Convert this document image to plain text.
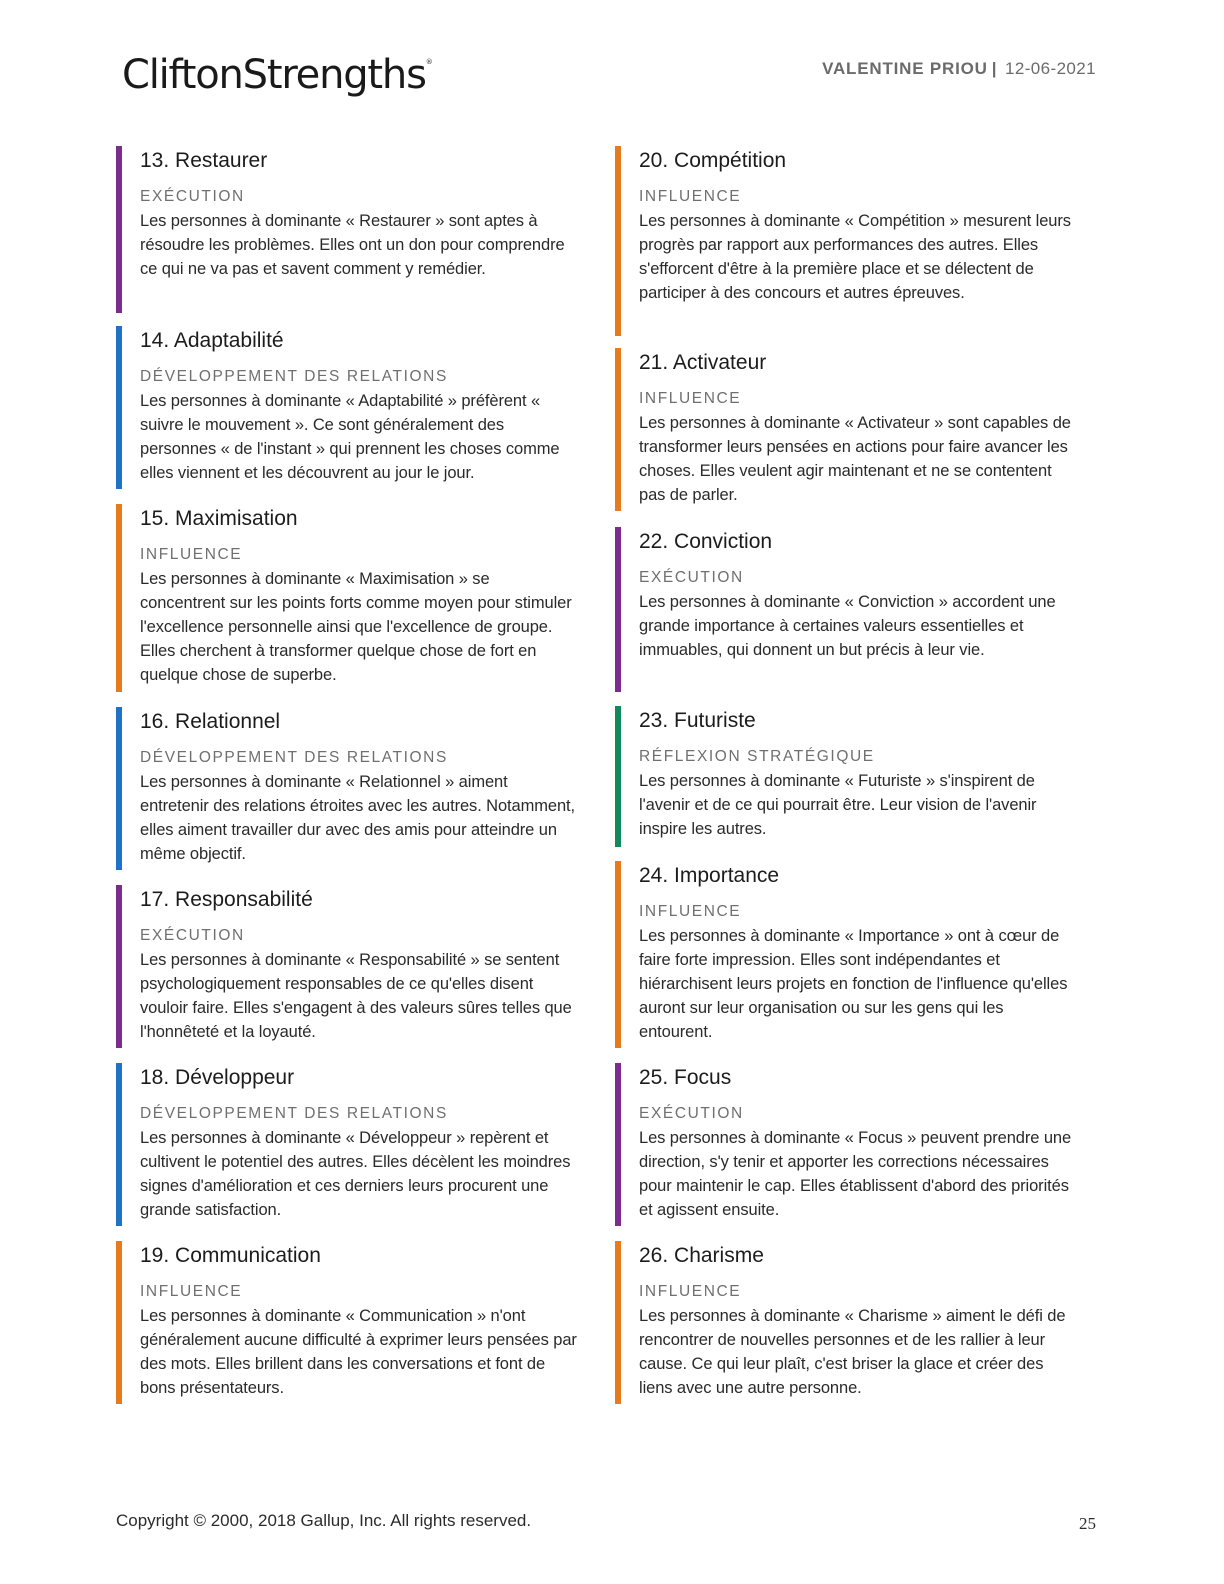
CliftonStrengths®	VALENTINE PRIOU | 12-06-2021
13. Restaurer
EXÉCUTION
Les personnes à dominante « Restaurer » sont aptes à résoudre les problèmes. Elles ont un don pour comprendre ce qui ne va pas et savent comment y remédier.
14. Adaptabilité
DÉVELOPPEMENT DES RELATIONS
Les personnes à dominante « Adaptabilité » préfèrent « suivre le mouvement ». Ce sont généralement des personnes « de l'instant » qui prennent les choses comme elles viennent et les découvrent au jour le jour.
15. Maximisation
INFLUENCE
Les personnes à dominante « Maximisation » se concentrent sur les points forts comme moyen pour stimuler l'excellence personnelle ainsi que l'excellence de groupe. Elles cherchent à transformer quelque chose de fort en quelque chose de superbe.
16. Relationnel
DÉVELOPPEMENT DES RELATIONS
Les personnes à dominante « Relationnel » aiment entretenir des relations étroites avec les autres. Notamment, elles aiment travailler dur avec des amis pour atteindre un même objectif.
17. Responsabilité
EXÉCUTION
Les personnes à dominante « Responsabilité » se sentent psychologiquement responsables de ce qu'elles disent vouloir faire. Elles s'engagent à des valeurs sûres telles que l'honnêteté et la loyauté.
18. Développeur
DÉVELOPPEMENT DES RELATIONS
Les personnes à dominante « Développeur » repèrent et cultivent le potentiel des autres. Elles décèlent les moindres signes d'amélioration et ces derniers leurs procurent une grande satisfaction.
19. Communication
INFLUENCE
Les personnes à dominante « Communication » n'ont généralement aucune difficulté à exprimer leurs pensées par des mots. Elles brillent dans les conversations et font de bons présentateurs.
20. Compétition
INFLUENCE
Les personnes à dominante « Compétition » mesurent leurs progrès par rapport aux performances des autres. Elles s'efforcent d'être à la première place et se délectent de participer à des concours et autres épreuves.
21. Activateur
INFLUENCE
Les personnes à dominante « Activateur » sont capables de transformer leurs pensées en actions pour faire avancer les choses. Elles veulent agir maintenant et ne se contentent pas de parler.
22. Conviction
EXÉCUTION
Les personnes à dominante « Conviction » accordent une grande importance à certaines valeurs essentielles et immuables, qui donnent un but précis à leur vie.
23. Futuriste
RÉFLEXION STRATÉGIQUE
Les personnes à dominante « Futuriste » s'inspirent de l'avenir et de ce qui pourrait être. Leur vision de l'avenir inspire les autres.
24. Importance
INFLUENCE
Les personnes à dominante « Importance » ont à cœur de faire forte impression. Elles sont indépendantes et hiérarchisent leurs projets en fonction de l'influence qu'elles auront sur leur organisation ou sur les gens qui les entourent.
25. Focus
EXÉCUTION
Les personnes à dominante « Focus » peuvent prendre une direction, s'y tenir et apporter les corrections nécessaires pour maintenir le cap. Elles établissent d'abord des priorités et agissent ensuite.
26. Charisme
INFLUENCE
Les personnes à dominante « Charisme » aiment le défi de rencontrer de nouvelles personnes et de les rallier à leur cause. Ce qui leur plaît, c'est briser la glace et créer des liens avec une autre personne.
Copyright © 2000, 2018 Gallup, Inc. All rights reserved.	25
